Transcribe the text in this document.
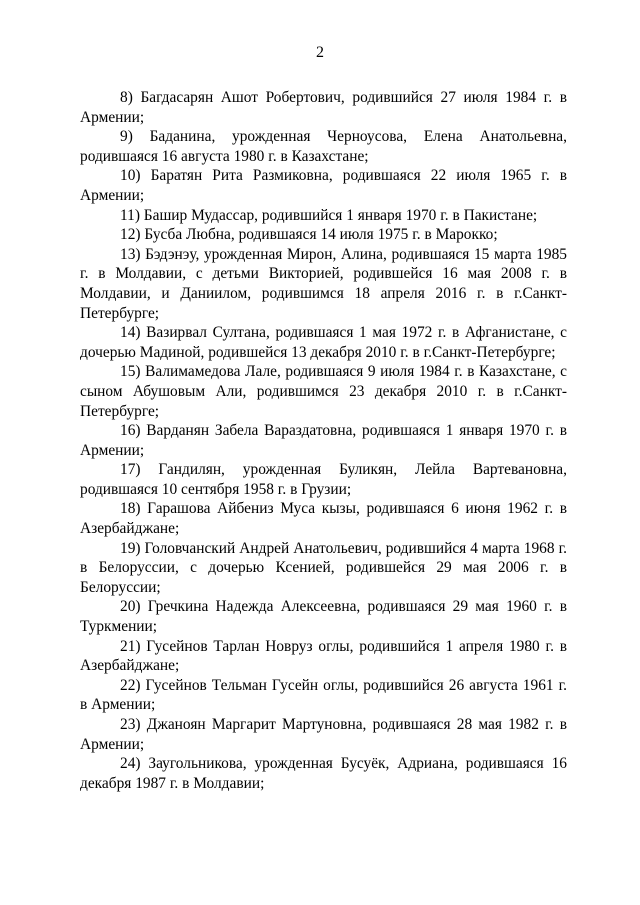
2

8) Багдасарян Ашот Робертович, родившийся 27 июля 1984 г. в Армении;

9) Баданина, урожденная Черноусова, Елена Анатольевна, родившаяся 16 августа 1980 г. в Казахстане;

10) Баратян Рита Размиковна, родившаяся 22 июля 1965 г. в Армении;

11) Башир Мудассар, родившийся 1 января 1970 г. в Пакистане;

12) Бусба Любна, родившаяся 14 июля 1975 г. в Марокко;

13) Бэдэнэу, урожденная Мирон, Алина, родившаяся 15 марта 1985 г. в Молдавии, с детьми Викторией, родившейся 16 мая 2008 г. в Молдавии, и Даниилом, родившимся 18 апреля 2016 г. в г.Санкт-Петербурге;

14) Вазирвал Султана, родившаяся 1 мая 1972 г. в Афганистане, с дочерью Мадиной, родившейся 13 декабря 2010 г. в г.Санкт-Петербурге;

15) Валимамедова Лале, родившаяся 9 июля 1984 г. в Казахстане, с сыном Абушовым Али, родившимся 23 декабря 2010 г. в г.Санкт-Петербурге;

16) Варданян Забела Вараздатовна, родившаяся 1 января 1970 г. в Армении;

17) Гандилян, урожденная Буликян, Лейла Вартевановна, родившаяся 10 сентября 1958 г. в Грузии;

18) Гарашова Айбениз Муса кызы, родившаяся 6 июня 1962 г. в Азербайджане;

19) Головчанский Андрей Анатольевич, родившийся 4 марта 1968 г. в Белоруссии, с дочерью Ксенией, родившейся 29 мая 2006 г. в Белоруссии;

20) Гречкина Надежда Алексеевна, родившаяся 29 мая 1960 г. в Туркмении;

21) Гусейнов Тарлан Новруз оглы, родившийся 1 апреля 1980 г. в Азербайджане;

22) Гусейнов Тельман Гусейн оглы, родившийся 26 августа 1961 г. в Армении;

23) Джаноян Маргарит Мартуновна, родившаяся 28 мая 1982 г. в Армении;

24) Заугольникова, урожденная Бусуёк, Адриана, родившаяся 16 декабря 1987 г. в Молдавии;
